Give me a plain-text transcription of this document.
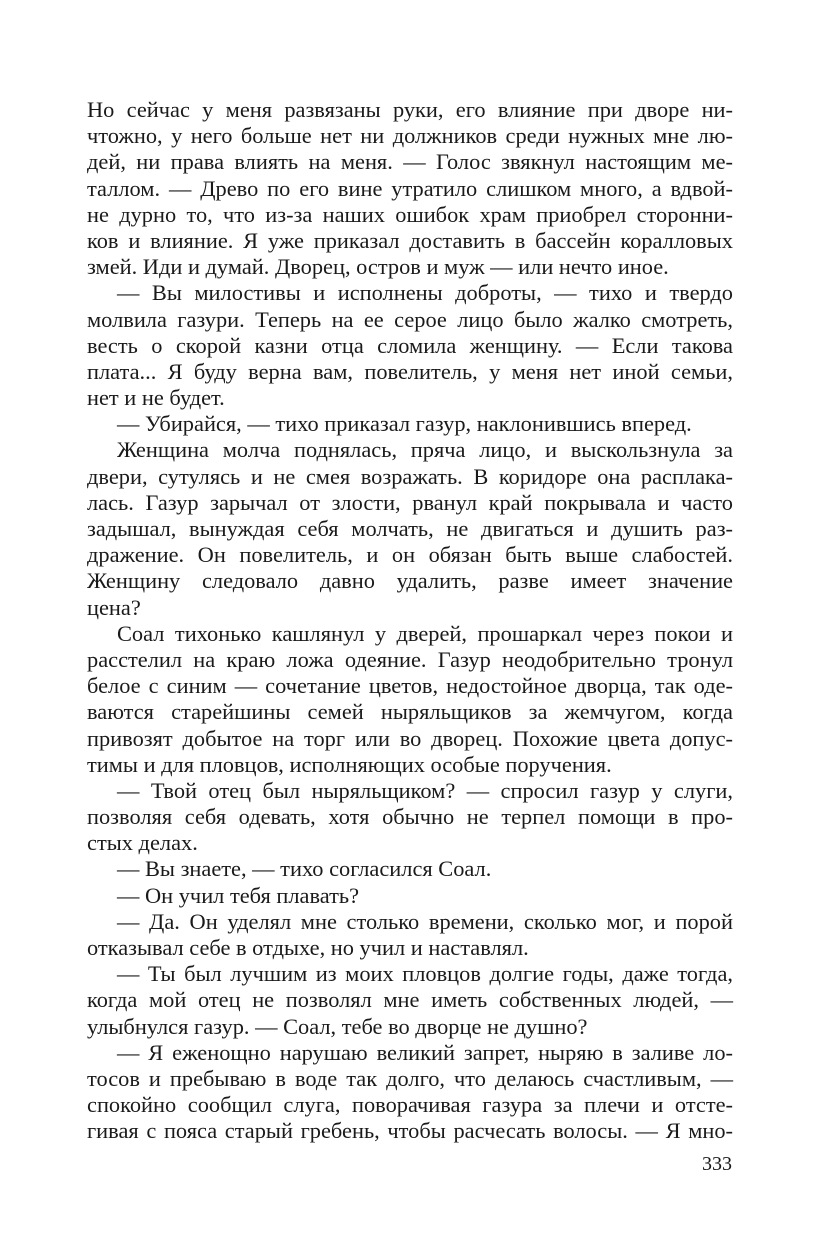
Но сейчас у меня развязаны руки, его влияние при дворе ни-
чтожно, у него больше нет ни должников среди нужных мне лю-
дей, ни права влиять на меня. — Голос звякнул настоящим ме-
таллом. — Древо по его вине утратило слишком много, а вдвой-
не дурно то, что из-за наших ошибок храм приобрел сторонни-
ков и влияние. Я уже приказал доставить в бассейн коралловых
змей. Иди и думай. Дворец, остров и муж — или нечто иное.
— Вы милостивы и исполнены доброты, — тихо и твердо
молвила газури. Теперь на ее серое лицо было жалко смотреть,
весть о скорой казни отца сломила женщину. — Если такова
плата... Я буду верна вам, повелитель, у меня нет иной семьи,
нет и не будет.
— Убирайся, — тихо приказал газур, наклонившись вперед.
Женщина молча поднялась, пряча лицо, и выскользнула за
двери, сутулясь и не смея возражать. В коридоре она расплака-
лась. Газур зарычал от злости, рванул край покрывала и часто
задышал, вынуждая себя молчать, не двигаться и душить раз-
дражение. Он повелитель, и он обязан быть выше слабостей.
Женщину следовало давно удалить, разве имеет значение
цена?
Соал тихонько кашлянул у дверей, прошаркал через покои и
расстелил на краю ложа одеяние. Газур неодобрительно тронул
белое с синим — сочетание цветов, недостойное дворца, так оде-
ваются старейшины семей ныряльщиков за жемчугом, когда
привозят добытое на торг или во дворец. Похожие цвета допус-
тимы и для пловцов, исполняющих особые поручения.
— Твой отец был ныряльщиком? — спросил газур у слуги,
позволяя себя одевать, хотя обычно не терпел помощи в про-
стых делах.
— Вы знаете, — тихо согласился Соал.
— Он учил тебя плавать?
— Да. Он уделял мне столько времени, сколько мог, и порой
отказывал себе в отдыхе, но учил и наставлял.
— Ты был лучшим из моих пловцов долгие годы, даже тогда,
когда мой отец не позволял мне иметь собственных людей, —
улыбнулся газур. — Соал, тебе во дворце не душно?
— Я еженощно нарушаю великий запрет, ныряю в заливе ло-
тосов и пребываю в воде так долго, что делаюсь счастливым, —
спокойно сообщил слуга, поворачивая газура за плечи и отсте-
гивая с пояса старый гребень, чтобы расчесать волосы. — Я мно-
333
